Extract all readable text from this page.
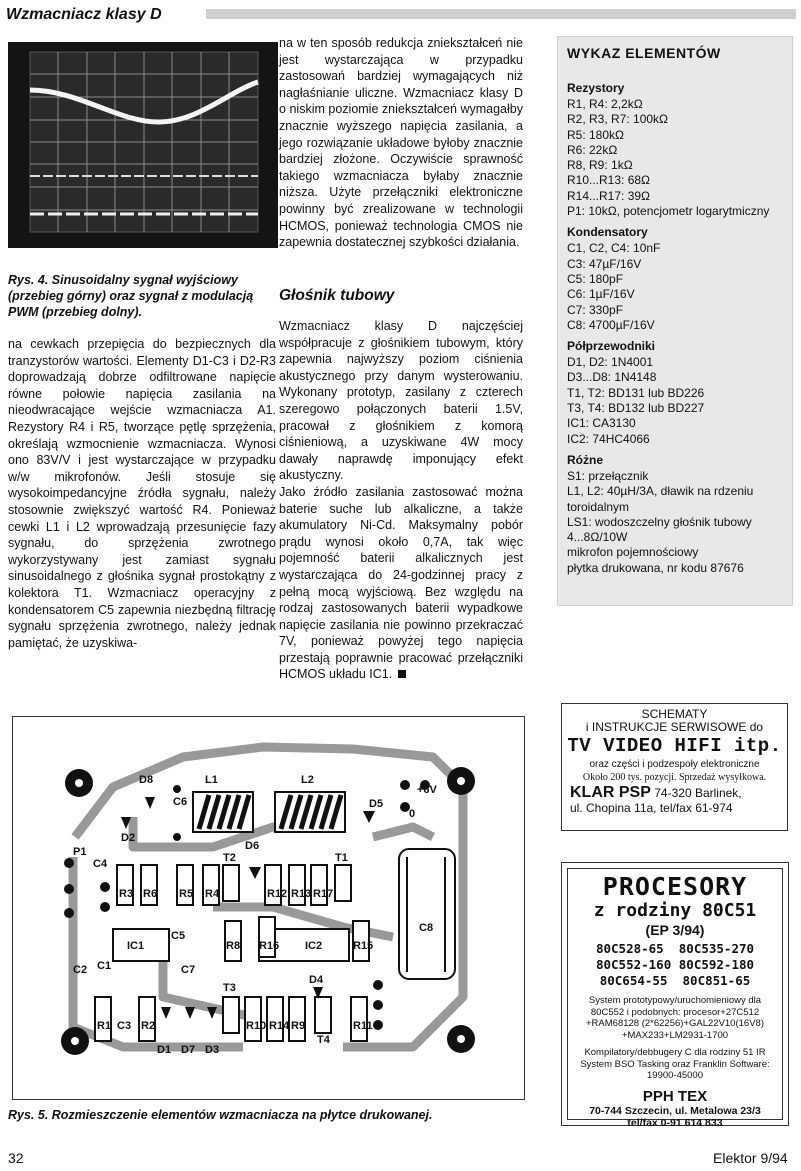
Wzmacniacz klasy D
Rys. 4. Sinusoidalny sygnał wyjściowy (przebieg górny) oraz sygnał z modulacją PWM (przebieg dolny).

na cewkach przepięcia do bezpiecznych dla tranzystorów wartości. Elementy D1-C3 i D2-R3 doprowadzają dobrze odfiltrowane napięcie równe połowie napięcia zasilania na nieodwracające wejście wzmacniacza A1. Rezystory R4 i R5, tworzące pętlę sprzężenia, określają wzmocnienie wzmacniacza. Wynosi ono 83V/V i jest wystarczające w przypadku w/w mikrofonów. Jeśli stosuje się wysokoimpedancyjne źródła sygnału, należy stosownie zwiększyć wartość R4. Ponieważ cewki L1 i L2 wprowadzają przesunięcie fazy sygnału, do sprzężenia zwrotnego wykorzystywany jest zamiast sygnału sinusoidalnego z głośnika sygnał prostokątny z kolektora T1. Wzmacniacz operacyjny z kondensatorem C5 zapewnia niezbędną filtrację sygnału sprzężenia zwrotnego, należy jednak pamiętać, że uzyskiwa-

na w ten sposób redukcja zniekształceń nie jest wystarczająca w przypadku zastosowań bardziej wymagających niż nagłaśnianie uliczne. Wzmacniacz klasy D o niskim poziomie zniekształceń wymagałby znacznie wyższego napięcia zasilania, a jego rozwiązanie układowe byłoby znacznie bardziej złożone. Oczywiście sprawność takiego wzmacniacza byłaby znacznie niższa. Użyte przełączniki elektroniczne powinny być zrealizowane w technologii HCMOS, ponieważ technologia CMOS nie zapewnia dostatecznej szybkości działania.

Głośnik tubowy

Wzmacniacz klasy D najczęściej współpracuje z głośnikiem tubowym, który zapewnia najwyższy poziom ciśnienia akustycznego przy danym wysterowaniu. Wykonany prototyp, zasilany z czterech szeregowo połączonych baterii 1.5V, pracował z głośnikiem z komorą ciśnieniową, a uzyskiwane 4W mocy dawały naprawdę imponujący efekt akustyczny.

Jako źródło zasilania zastosować można baterie suche lub alkaliczne, a także akumulatory Ni-Cd. Maksymalny pobór prądu wynosi około 0,7A, tak więc pojemność baterii alkalicznych jest wystarczająca do 24-godzinnej pracy z pełną mocą wyjściową. Bez względu na rodzaj zastosowanych baterii wypadkowe napięcie zasilania nie powinno przekraczać 7V, ponieważ powyżej tego napięcia przestają poprawnie pracować przełączniki HCMOS układu IC1.

WYKAZ ELEMENTÓW
Rezystory
R1, R4: 2,2kΩ
R2, R3, R7: 100kΩ
R5: 180kΩ
R6: 22kΩ
R8, R9: 1kΩ
R10...R13: 68Ω
R14...R17: 39Ω
P1: 10kΩ, potencjometr logarytmiczny
Kondensatory
C1, C2, C4: 10nF
C3: 47µF/16V
C5: 180pF
C6: 1µF/16V
C7: 330pF
C8: 4700µF/16V
Półprzewodniki
D1, D2: 1N4001
D3...D8: 1N4148
T1, T2: BD131 lub BD226
T3, T4: BD132 lub BD227
IC1: CA3130
IC2: 74HC4066
Różne
S1: przełącznik
L1, L2: 40µH/3A, dławik na rdzeniu toroidalnym
LS1: wodoszczelny głośnik tubowy 4...8Ω/10W
mikrofon pojemnościowy
płytka drukowana, nr kodu 87676
L1	L2
D8
C6
D2
D5
D6
P1
C4
R3 R6 R5 R4
T2
R12 R13 R17
T1
IC1
C5
R8 R16 IC2	R15
C8
C1
C2	C7
R1 C3 R2
T3
R10 R14 R9
D4
T4
R11
D1 D7 D3
+6V
0
Rys. 5. Rozmieszczenie elementów wzmacniacza na płytce drukowanej.
SCHEMATY
i INSTRUKCJE SERWISOWE do
TV VIDEO HIFI itp.
oraz części i podzespoły elektroniczne
Około 200 tys. pozycji. Sprzedaż wysyłkowa.
KLAR PSP 74-320 Barlinek,
ul. Chopina 11a, tel/fax 61-974
PROCESORY
z rodziny 80C51
(EP 3/94)
80C528-65 80C535-270
80C552-160 80C592-180
80C654-55 80C851-65
System prototypowy/uruchomieniowy dla 80C552 i podobnych: procesor+27C512 +RAM68128 (2*62256)+GAL22V10(16V8) +MAX233+LM2931-1700
Kompilatory/debbugery C dla rodziny 51 IR System BSO Tasking oraz Franklin Software: 19900-45000
PPH TEX
70-744 Szczecin, ul. Metalowa 23/3
tel/fax 0-91 614 833
32	Elektor 9/94
